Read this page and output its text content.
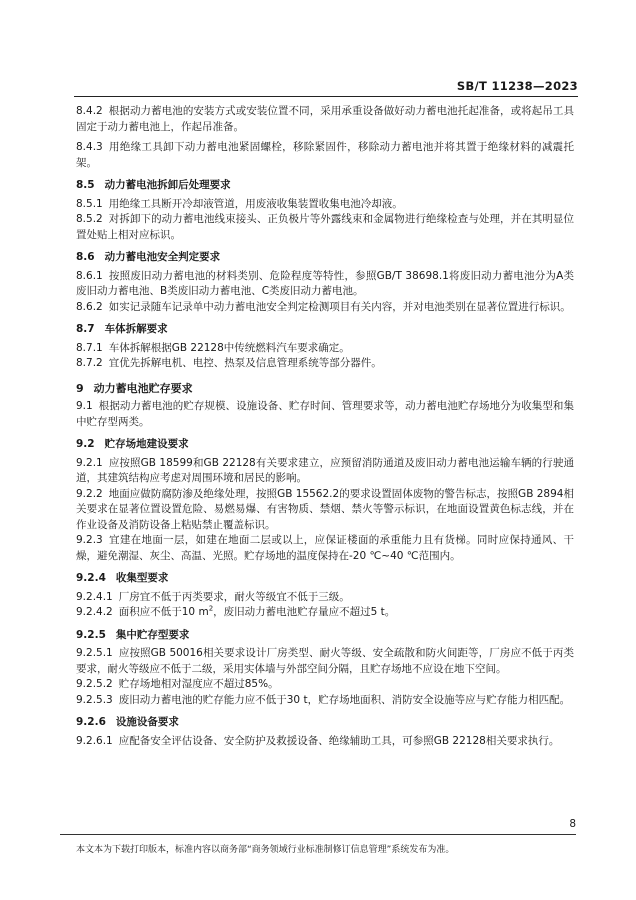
SB/T 11238—2023
8.4.2 根据动力蓄电池的安装方式或安装位置不同，采用承重设备做好动力蓄电池托起准备，或将起吊工具固定于动力蓄电池上，作起吊准备。
8.4.3 用绝缘工具卸下动力蓄电池紧固螺栓，移除紧固件，移除动力蓄电池并将其置于绝缘材料的减震托架。
8.5 动力蓄电池拆卸后处理要求
8.5.1 用绝缘工具断开冷却液管道，用废液收集装置收集电池冷却液。
8.5.2 对拆卸下的动力蓄电池线束接头、正负极片等外露线束和金属物进行绝缘检查与处理，并在其明显位置处贴上相对应标识。
8.6 动力蓄电池安全判定要求
8.6.1 按照废旧动力蓄电池的材料类别、危险程度等特性，参照GB/T 38698.1将废旧动力蓄电池分为A类废旧动力蓄电池、B类废旧动力蓄电池、C类废旧动力蓄电池。
8.6.2 如实记录随车记录单中动力蓄电池安全判定检测项目有关内容，并对电池类别在显著位置进行标识。
8.7 车体拆解要求
8.7.1 车体拆解根据GB 22128中传统燃料汽车要求确定。
8.7.2 宜优先拆解电机、电控、热泵及信息管理系统等部分器件。
9 动力蓄电池贮存要求
9.1 根据动力蓄电池的贮存规模、设施设备、贮存时间、管理要求等，动力蓄电池贮存场地分为收集型和集中贮存型两类。
9.2 贮存场地建设要求
9.2.1 应按照GB 18599和GB 22128有关要求建立，应预留消防通道及废旧动力蓄电池运输车辆的行驶通道，其建筑结构应考虑对周围环境和居民的影响。
9.2.2 地面应做防腐防渗及绝缘处理，按照GB 15562.2的要求设置固体废物的警告标志，按照GB 2894相关要求在显著位置设置危险、易燃易爆、有害物质、禁烟、禁火等警示标识，在地面设置黄色标志线，并在作业设备及消防设备上粘贴禁止覆盖标识。
9.2.3 宜建在地面一层，如建在地面二层或以上，应保证楼面的承重能力且有货梯。同时应保持通风、干燥，避免潮湿、灰尘、高温、光照。贮存场地的温度保持在-20 ℃~40 ℃范围内。
9.2.4 收集型要求
9.2.4.1 厂房宜不低于丙类要求，耐火等级宜不低于三级。
9.2.4.2 面积应不低于10 $m^2$，废旧动力蓄电池贮存量应不超过5 t。
9.2.5 集中贮存型要求
9.2.5.1 应按照GB 50016相关要求设计厂房类型、耐火等级、安全疏散和防火间距等，厂房应不低于丙类要求，耐火等级应不低于二级，采用实体墙与外部空间分隔，且贮存场地不应设在地下空间。
9.2.5.2 贮存场地相对湿度应不超过85%。
9.2.5.3 废旧动力蓄电池的贮存能力应不低于30 t，贮存场地面积、消防安全设施等应与贮存能力相匹配。
9.2.6 设施设备要求
9.2.6.1 应配备安全评估设备、安全防护及救援设备、绝缘辅助工具，可参照GB 22128相关要求执行。
8
本文本为下载打印版本，标准内容以商务部“商务领域行业标准制修订信息管理”系统发布为准。
